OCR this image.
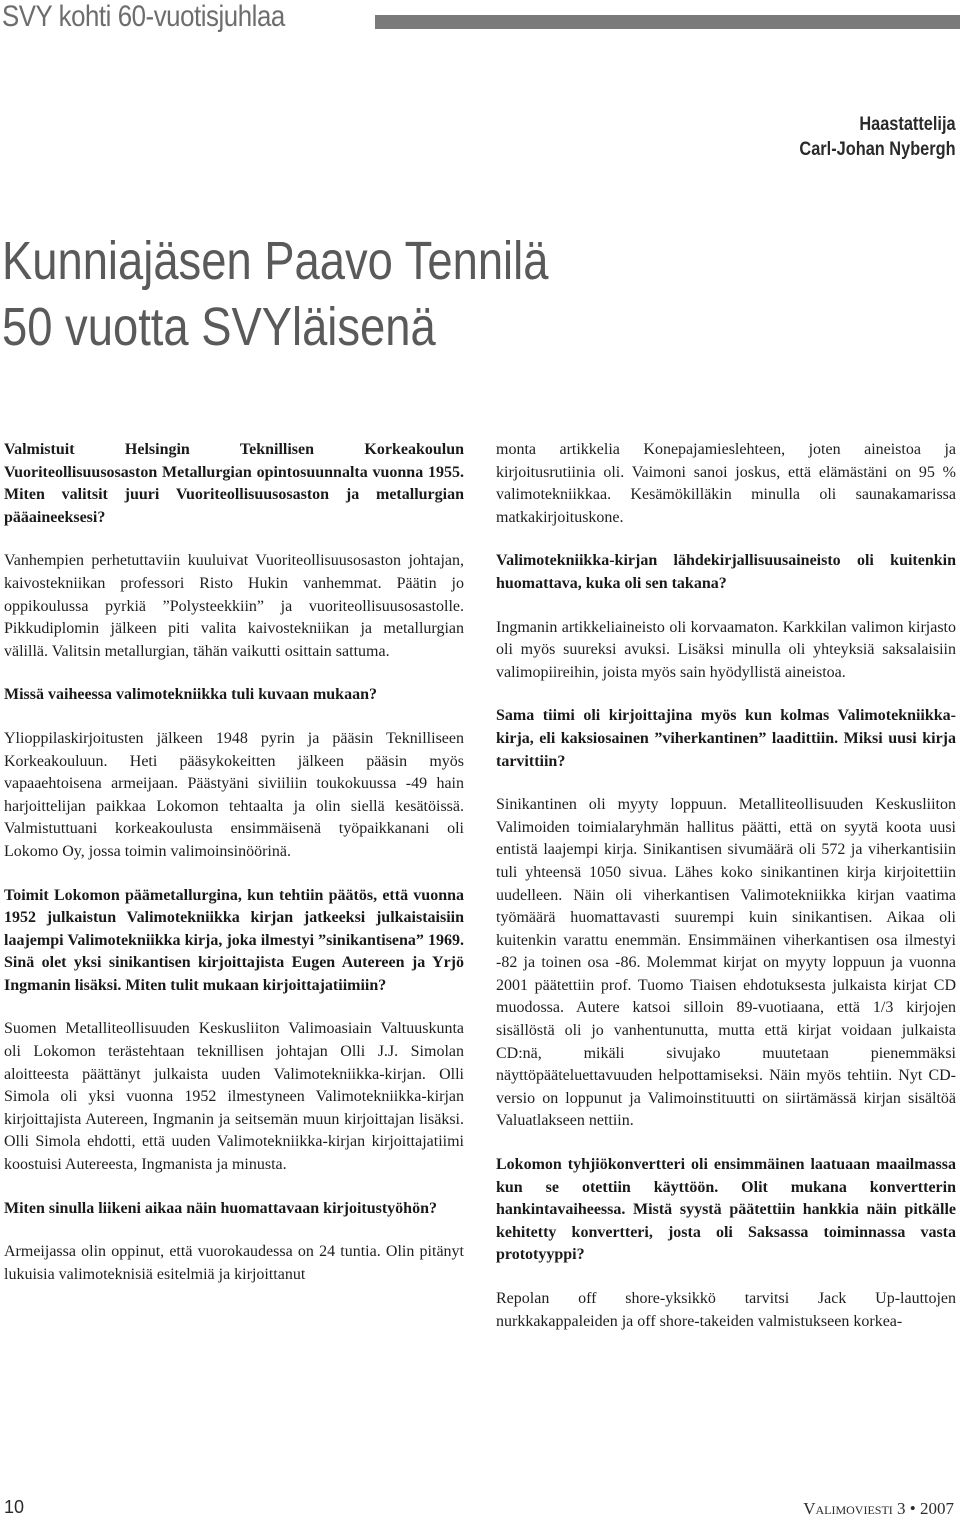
SVY kohti 60-vuotisjuhlaa
Haastattelija
Carl-Johan Nybergh
Kunniajäsen Paavo Tennilä
50 vuotta SVYläisenä

Valmistuit Helsingin Teknillisen Korkeakoulun Vuoriteollisuusosaston Metallurgian opintosuunnalta vuonna 1955. Miten valitsit juuri Vuoriteollisuusosaston ja metallurgian pääaineeksesi?

Vanhempien perhetuttaviin kuuluivat Vuoriteollisuusosaston johtajan, kaivostekniikan professori Risto Hukin vanhemmat. Päätin jo oppikoulussa pyrkiä ”Polysteekkiin” ja vuoriteollisuusosastolle. Pikkudiplomin jälkeen piti valita kaivostekniikan ja metallurgian välillä. Valitsin metallurgian, tähän vaikutti osittain sattuma.

Missä vaiheessa valimotekniikka tuli kuvaan mukaan?

Ylioppilaskirjoitusten jälkeen 1948 pyrin ja pääsin Teknilliseen Korkeakouluun. Heti pääsykokeitten jälkeen pääsin myös vapaaehtoisena armeijaan. Päästyäni siviiliin toukokuussa -49 hain harjoittelijan paikkaa Lokomon tehtaalta ja olin siellä kesätöissä. Valmistuttuani korkeakoulusta ensimmäisenä työpaikkanani oli Lokomo Oy, jossa toimin valimoinsinöörinä.

Toimit Lokomon päämetallurgina, kun tehtiin päätös, että vuonna 1952 julkaistun Valimotekniikka kirjan jatkeeksi julkaistaisiin laajempi Valimotekniikka kirja, joka ilmestyi ”sinikantisena” 1969. Sinä olet yksi sinikantisen kirjoittajista Eugen Autereen ja Yrjö Ingmanin lisäksi. Miten tulit mukaan kirjoittajatiimiin?

Suomen Metalliteollisuuden Keskusliiton Valimoasiain Valtuuskunta oli Lokomon terästehtaan teknillisen johtajan Olli J.J. Simolan aloitteesta päättänyt julkaista uuden Valimotekniikka-kirjan. Olli Simola oli yksi vuonna 1952 ilmestyneen Valimotekniikka-kirjan kirjoittajista Autereen, Ingmanin ja seitsemän muun kirjoittajan lisäksi. Olli Simola ehdotti, että uuden Valimotekniikka-kirjan kirjoittajatiimi koostuisi Autereesta, Ingmanista ja minusta.

Miten sinulla liikeni aikaa näin huomattavaan kirjoitustyöhön?

Armeijassa olin oppinut, että vuorokaudessa on 24 tuntia. Olin pitänyt lukuisia valimoteknisiä esitelmiä ja kirjoittanut

monta artikkelia Konepajamieslehteen, joten aineistoa ja kirjoitusrutiinia oli. Vaimoni sanoi joskus, että elämästäni on 95 % valimotekniikkaa. Kesämökilläkin minulla oli saunakamarissa matkakirjoituskone.

Valimotekniikka-kirjan lähdekirjallisuusaineisto oli kuitenkin huomattava, kuka oli sen takana?

Ingmanin artikkeliaineisto oli korvaamaton. Karkkilan valimon kirjasto oli myös suureksi avuksi. Lisäksi minulla oli yhteyksiä saksalaisiin valimopiireihin, joista myös sain hyödyllistä aineistoa.

Sama tiimi oli kirjoittajina myös kun kolmas Valimotekniikka-kirja, eli kaksiosainen ”viherkantinen” laadittiin. Miksi uusi kirja tarvittiin?

Sinikantinen oli myyty loppuun. Metalliteollisuuden Keskusliiton Valimoiden toimialaryhmän hallitus päätti, että on syytä koota uusi entistä laajempi kirja. Sinikantisen sivumäärä oli 572 ja viherkantisiin tuli yhteensä 1050 sivua. Lähes koko sinikantinen kirja kirjoitettiin uudelleen. Näin oli viherkantisen Valimotekniikka kirjan vaatima työmäärä huomattavasti suurempi kuin sinikantisen. Aikaa oli kuitenkin varattu enemmän. Ensimmäinen viherkantisen osa ilmestyi -82 ja toinen osa -86. Molemmat kirjat on myyty loppuun ja vuonna 2001 päätettiin prof. Tuomo Tiaisen ehdotuksesta julkaista kirjat CD muodossa. Autere katsoi silloin 89-vuotiaana, että 1/3 kirjojen sisällöstä oli jo vanhentunutta, mutta että kirjat voidaan julkaista CD:nä, mikäli sivujako muutetaan pienemmäksi näyttöpääteluettavuuden helpottamiseksi. Näin myös tehtiin. Nyt CD-versio on loppunut ja Valimoinstituutti on siirtämässä kirjan sisältöä Valuatlakseen nettiin.

Lokomon tyhjiökonvertteri oli ensimmäinen laatuaan maailmassa kun se otettiin käyttöön. Olit mukana konvertterin hankintavaiheessa. Mistä syystä päätettiin hankkia näin pitkälle kehitetty konvertteri, josta oli Saksassa toiminnassa vasta prototyyppi?

Repolan off shore-yksikkö tarvitsi Jack Up-lauttojen nurkkakappaleiden ja off shore-takeiden valmistukseen korkea-

10	Valimoviesti 3 • 2007
